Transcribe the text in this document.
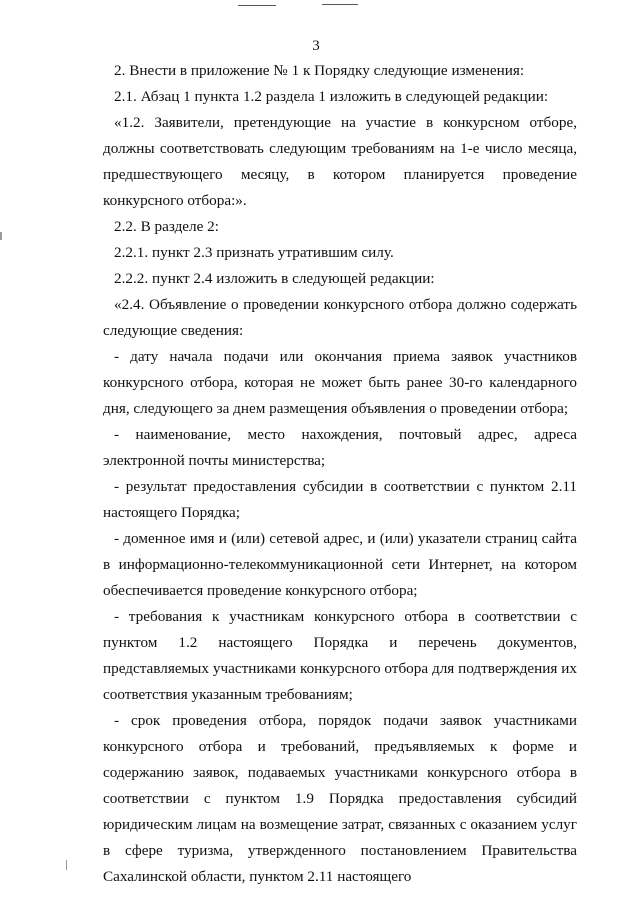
3

2. Внести в приложение № 1 к Порядку следующие изменения:

2.1. Абзац 1 пункта 1.2 раздела 1 изложить в следующей редакции:

«1.2. Заявители, претендующие на участие в конкурсном отборе, должны соответствовать следующим требованиям на 1-е число месяца, предшествующего месяцу, в котором планируется проведение конкурсного отбора:».

2.2. В разделе 2:

2.2.1. пункт 2.3 признать утратившим силу.

2.2.2. пункт 2.4 изложить в следующей редакции:

«2.4. Объявление о проведении конкурсного отбора должно содержать следующие сведения:

- дату начала подачи или окончания приема заявок участников конкурсного отбора, которая не может быть ранее 30-го календарного дня, следующего за днем размещения объявления о проведении отбора;

- наименование, место нахождения, почтовый адрес, адреса электронной почты министерства;

- результат предоставления субсидии в соответствии с пунктом 2.11 настоящего Порядка;

- доменное имя и (или) сетевой адрес, и (или) указатели страниц сайта в информационно-телекоммуникационной сети Интернет, на котором обеспечивается проведение конкурсного отбора;

- требования к участникам конкурсного отбора в соответствии с пунктом 1.2 настоящего Порядка и перечень документов, представляемых участниками конкурсного отбора для подтверждения их соответствия указанным требованиям;

- срок проведения отбора, порядок подачи заявок участниками конкурсного отбора и требований, предъявляемых к форме и содержанию заявок, подаваемых участниками конкурсного отбора в соответствии с пунктом 1.9 Порядка предоставления субсидий юридическим лицам на возмещение затрат, связанных с оказанием услуг в сфере туризма, утвержденного постановлением Правительства Сахалинской области, пунктом 2.11 настоящего
